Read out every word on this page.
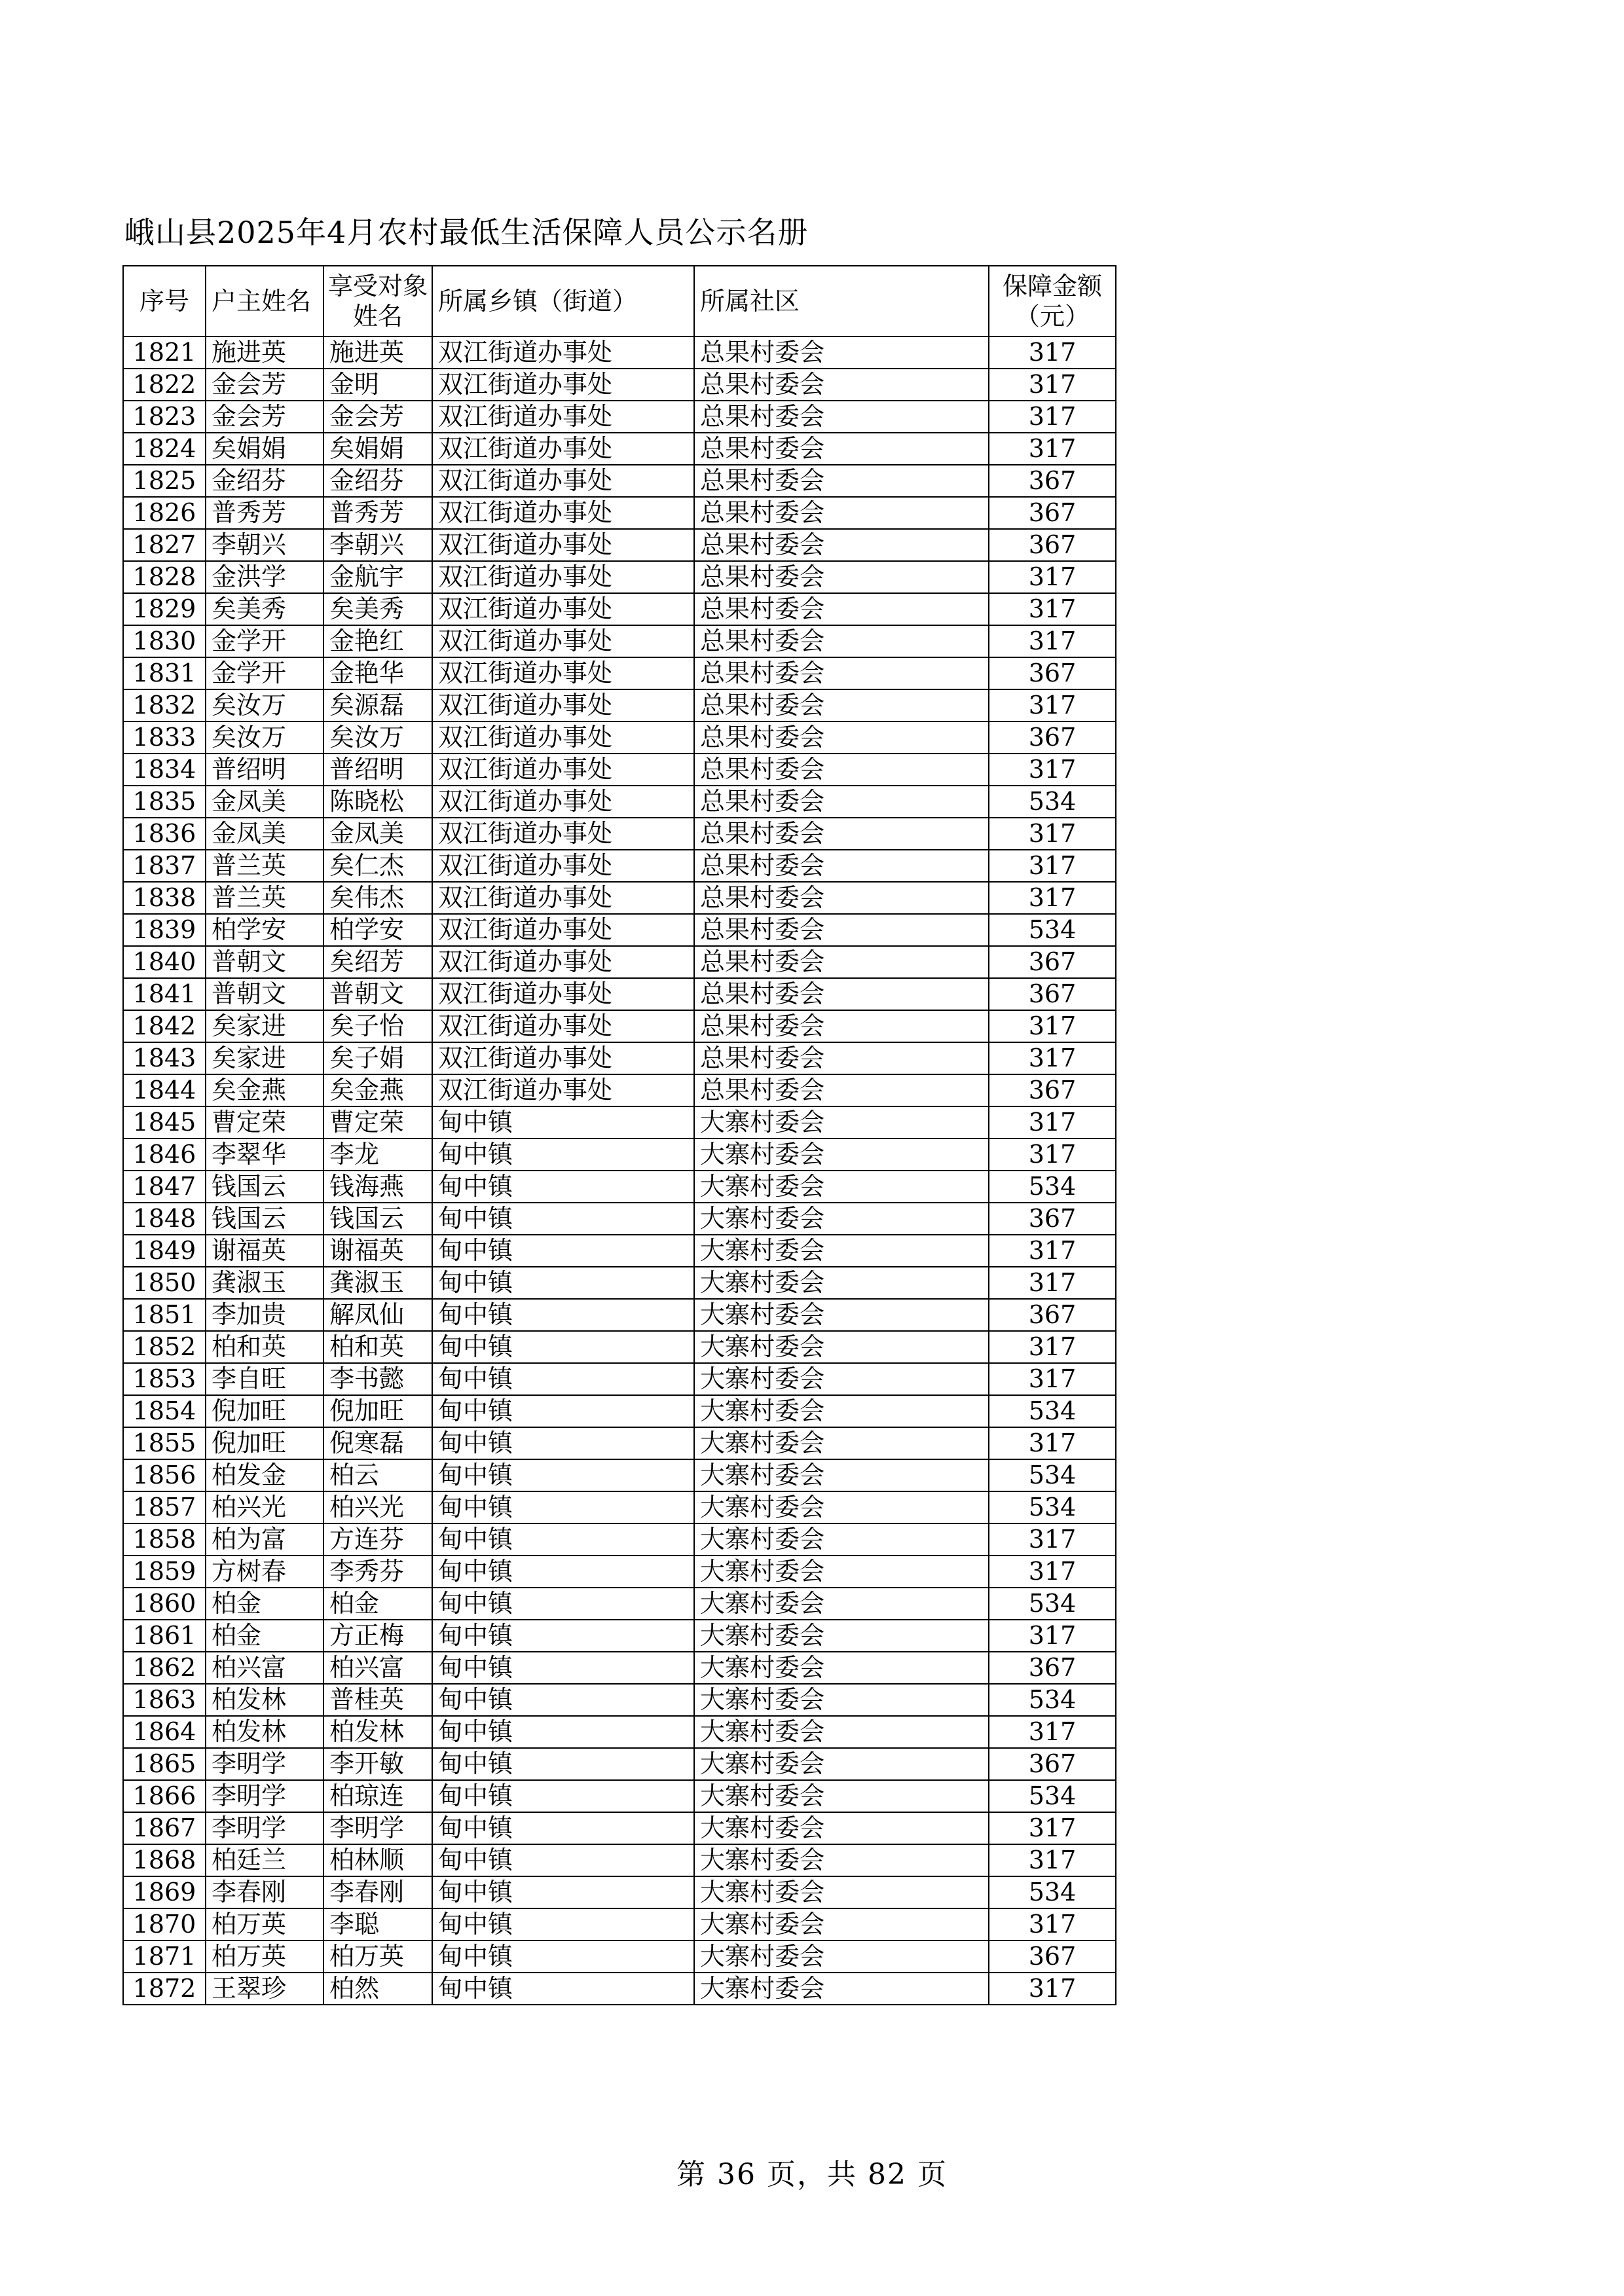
峨山县2025年4月农村最低生活保障人员公示名册
序号	户主姓名	享受对象姓名	所属乡镇（街道）	所属社区	保障金额（元）
1821	施进英	施进英	双江街道办事处	总果村委会	317
1822	金会芳	金明	双江街道办事处	总果村委会	317
1823	金会芳	金会芳	双江街道办事处	总果村委会	317
1824	矣娟娟	矣娟娟	双江街道办事处	总果村委会	317
1825	金绍芬	金绍芬	双江街道办事处	总果村委会	367
1826	普秀芳	普秀芳	双江街道办事处	总果村委会	367
1827	李朝兴	李朝兴	双江街道办事处	总果村委会	367
1828	金洪学	金航宇	双江街道办事处	总果村委会	317
1829	矣美秀	矣美秀	双江街道办事处	总果村委会	317
1830	金学开	金艳红	双江街道办事处	总果村委会	317
1831	金学开	金艳华	双江街道办事处	总果村委会	367
1832	矣汝万	矣源磊	双江街道办事处	总果村委会	317
1833	矣汝万	矣汝万	双江街道办事处	总果村委会	367
1834	普绍明	普绍明	双江街道办事处	总果村委会	317
1835	金凤美	陈晓松	双江街道办事处	总果村委会	534
1836	金凤美	金凤美	双江街道办事处	总果村委会	317
1837	普兰英	矣仁杰	双江街道办事处	总果村委会	317
1838	普兰英	矣伟杰	双江街道办事处	总果村委会	317
1839	柏学安	柏学安	双江街道办事处	总果村委会	534
1840	普朝文	矣绍芳	双江街道办事处	总果村委会	367
1841	普朝文	普朝文	双江街道办事处	总果村委会	367
1842	矣家进	矣子怡	双江街道办事处	总果村委会	317
1843	矣家进	矣子娟	双江街道办事处	总果村委会	317
1844	矣金燕	矣金燕	双江街道办事处	总果村委会	367
1845	曹定荣	曹定荣	甸中镇	大寨村委会	317
1846	李翠华	李龙	甸中镇	大寨村委会	317
1847	钱国云	钱海燕	甸中镇	大寨村委会	534
1848	钱国云	钱国云	甸中镇	大寨村委会	367
1849	谢福英	谢福英	甸中镇	大寨村委会	317
1850	龚淑玉	龚淑玉	甸中镇	大寨村委会	317
1851	李加贵	解凤仙	甸中镇	大寨村委会	367
1852	柏和英	柏和英	甸中镇	大寨村委会	317
1853	李自旺	李书懿	甸中镇	大寨村委会	317
1854	倪加旺	倪加旺	甸中镇	大寨村委会	534
1855	倪加旺	倪寒磊	甸中镇	大寨村委会	317
1856	柏发金	柏云	甸中镇	大寨村委会	534
1857	柏兴光	柏兴光	甸中镇	大寨村委会	534
1858	柏为富	方连芬	甸中镇	大寨村委会	317
1859	方树春	李秀芬	甸中镇	大寨村委会	317
1860	柏金	柏金	甸中镇	大寨村委会	534
1861	柏金	方正梅	甸中镇	大寨村委会	317
1862	柏兴富	柏兴富	甸中镇	大寨村委会	367
1863	柏发林	普桂英	甸中镇	大寨村委会	534
1864	柏发林	柏发林	甸中镇	大寨村委会	317
1865	李明学	李开敏	甸中镇	大寨村委会	367
1866	李明学	柏琼连	甸中镇	大寨村委会	534
1867	李明学	李明学	甸中镇	大寨村委会	317
1868	柏廷兰	柏林顺	甸中镇	大寨村委会	317
1869	李春刚	李春刚	甸中镇	大寨村委会	534
1870	柏万英	李聪	甸中镇	大寨村委会	317
1871	柏万英	柏万英	甸中镇	大寨村委会	367
1872	王翠珍	柏然	甸中镇	大寨村委会	317
第 36 页，共 82 页
